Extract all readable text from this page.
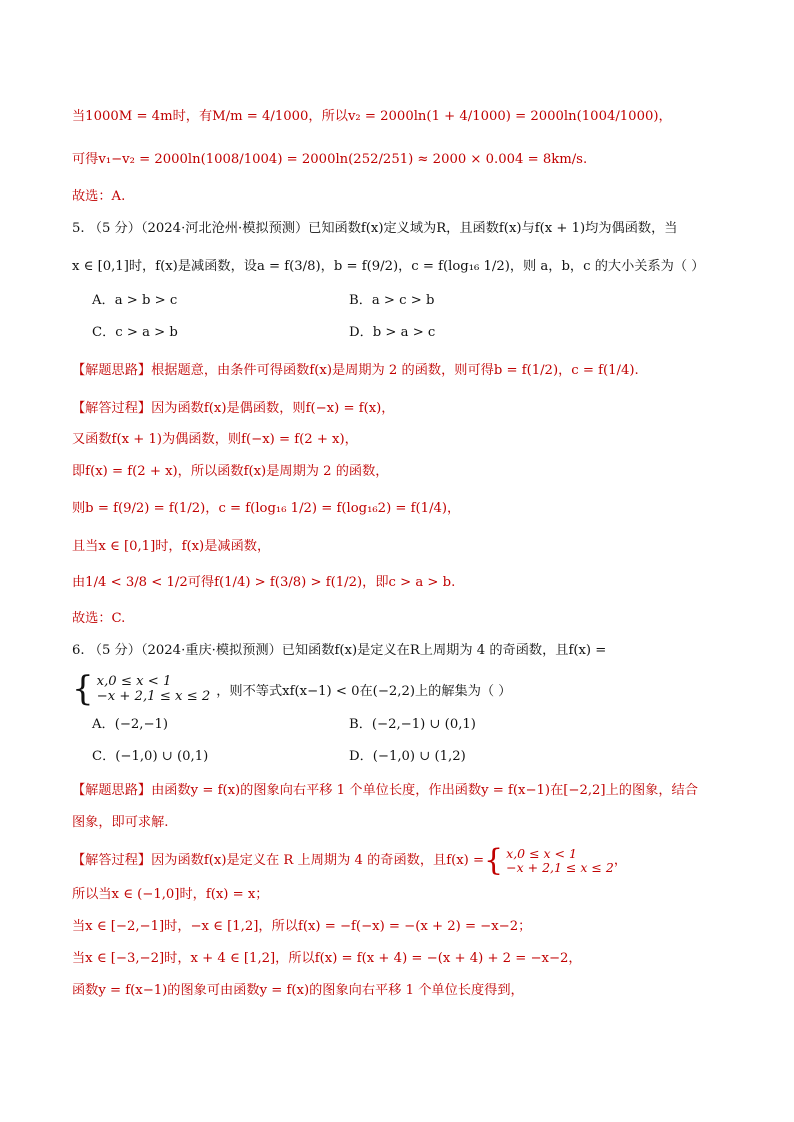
当1000M = 4m时，有M/m = 4/1000，所以v₂ = 2000ln(1 + 4/1000) = 2000ln(1004/1000)，
可得v₁−v₂ = 2000ln(1008/1004) = 2000ln(252/251) ≈ 2000 × 0.004 = 8km/s.
故选：A.
5. （5 分）（2024·河北沧州·模拟预测）已知函数f(x)定义域为R，且函数f(x)与f(x + 1)均为偶函数，当
x ∈ [0,1]时，f(x)是减函数，设a = f(3/8)，b = f(9/2)，c = f(log₁₆ 1/2)，则 a，b，c 的大小关系为（ ）
A．a > b > c	B．a > c > b
C．c > a > b	D．b > a > c
【解题思路】根据题意，由条件可得函数f(x)是周期为 2 的函数，则可得b = f(1/2)，c = f(1/4).
【解答过程】因为函数f(x)是偶函数，则f(−x) = f(x)，
又函数f(x + 1)为偶函数，则f(−x) = f(2 + x)，
即f(x) = f(2 + x)，所以函数f(x)是周期为 2 的函数，
则b = f(9/2) = f(1/2)，c = f(log₁₆ 1/2) = f(log₁₆2) = f(1/4)，
且当x ∈ [0,1]时，f(x)是减函数，
由1/4 < 3/8 < 1/2可得f(1/4) > f(3/8) > f(1/2)，即c > a > b.
故选：C.
6. （5 分）（2024·重庆·模拟预测）已知函数f(x)是定义在R上周期为 4 的奇函数，且f(x) =
{ x,0 ≤ x < 1
−x + 2,1 ≤ x ≤ 2 ，则不等式xf(x−1) < 0在(−2,2)上的解集为（ ）
A．(−2,−1)	B．(−2,−1) ∪ (0,1)
C．(−1,0) ∪ (0,1)	D．(−1,0) ∪ (1,2)
【解题思路】由函数y = f(x)的图象向右平移 1 个单位长度，作出函数y = f(x−1)在[−2,2]上的图象，结合
图象，即可求解.
【解答过程】因为函数f(x)是定义在 R 上周期为 4 的奇函数，且f(x) = { x,0 ≤ x < 1
−x + 2,1 ≤ x ≤ 2 ，
所以当x ∈ (−1,0]时，f(x) = x；
当x ∈ [−2,−1]时，−x ∈ [1,2]，所以f(x) = −f(−x) = −(x + 2) = −x−2；
当x ∈ [−3,−2]时，x + 4 ∈ [1,2]，所以f(x) = f(x + 4) = −(x + 4) + 2 = −x−2，
函数y = f(x−1)的图象可由函数y = f(x)的图象向右平移 1 个单位长度得到，
